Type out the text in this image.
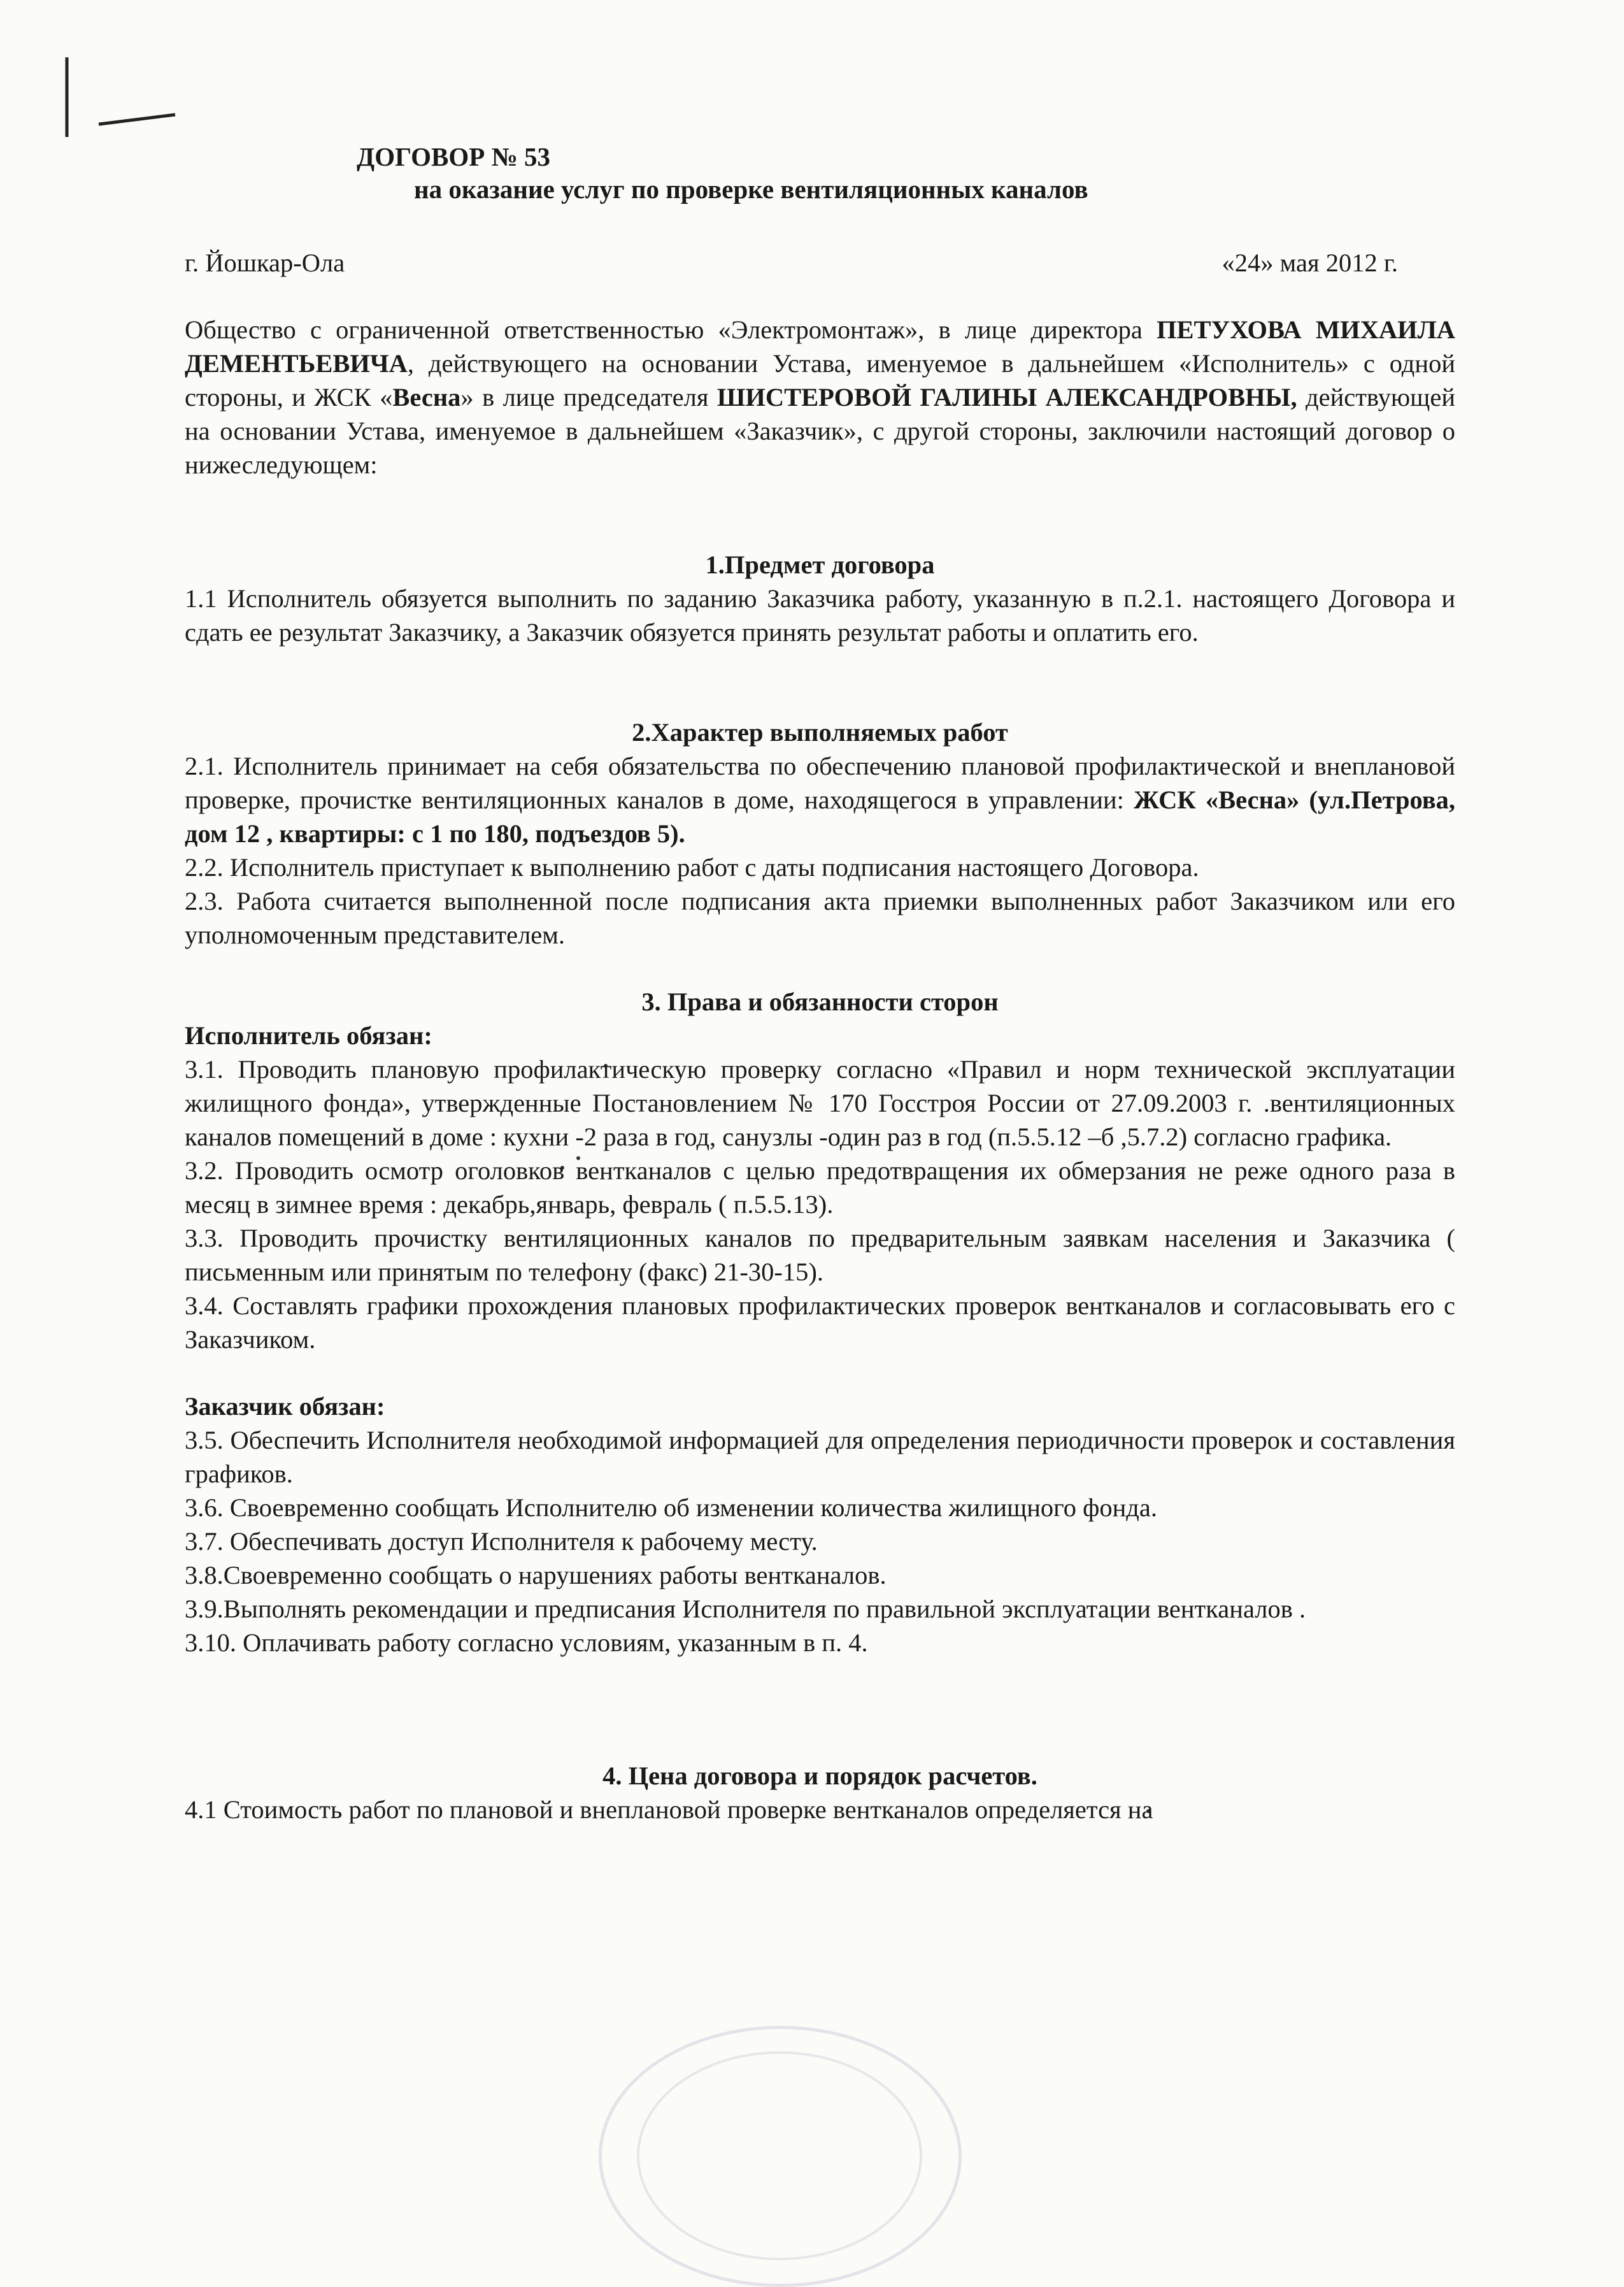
ДОГОВОР № 53

на оказание услуг по проверке вентиляционных каналов

г. Йошкар-Ола	«24» мая 2012 г.

Общество с ограниченной ответственностью «Электромонтаж», в лице директора ПЕТУХОВА МИХАИЛА ДЕМЕНТЬЕВИЧА, действующего на основании Устава, именуемое в дальнейшем «Исполнитель» с одной стороны, и ЖСК «Весна» в лице председателя ШИСТЕРОВОЙ ГАЛИНЫ АЛЕКСАНДРОВНЫ, действующей на основании Устава, именуемое в дальнейшем «Заказчик», с другой стороны, заключили настоящий договор о нижеследующем:

1.Предмет договора

1.1 Исполнитель обязуется выполнить по заданию Заказчика работу, указанную в п.2.1. настоящего Договора и сдать ее результат Заказчику, а Заказчик обязуется принять результат работы и оплатить его.

2.Характер выполняемых работ

2.1. Исполнитель принимает на себя обязательства по обеспечению плановой профилактической и внеплановой проверке, прочистке вентиляционных каналов в доме, находящегося в управлении: ЖСК «Весна» (ул.Петрова, дом 12 , квартиры: с 1 по 180, подъездов 5).

2.2. Исполнитель приступает к выполнению работ с даты подписания настоящего Договора.

2.3. Работа считается выполненной после подписания акта приемки выполненных работ Заказчиком или его уполномоченным представителем.

3. Права и обязанности сторон

Исполнитель обязан:

3.1. Проводить плановую профилактическую проверку согласно «Правил и норм технической эксплуатации жилищного фонда», утвержденные Постановлением № 170 Госстроя России от 27.09.2003 г. .вентиляционных каналов помещений в доме : кухни -2 раза в год, санузлы -один раз в год (п.5.5.12 –б ,5.7.2) согласно графика.

3.2. Проводить осмотр оголовков вентканалов с целью предотвращения их обмерзания не реже одного раза в месяц в зимнее время : декабрь,январь, февраль ( п.5.5.13).

3.3. Проводить прочистку вентиляционных каналов по предварительным заявкам населения и Заказчика ( письменным или принятым по телефону (факс) 21-30-15).

3.4. Составлять графики прохождения плановых профилактических проверок вентканалов и согласовывать его с Заказчиком.

Заказчик обязан:

3.5. Обеспечить Исполнителя необходимой информацией для определения периодичности проверок и составления графиков.

3.6. Своевременно сообщать Исполнителю об изменении количества жилищного фонда.

3.7. Обеспечивать доступ Исполнителя к рабочему месту.

3.8.Своевременно сообщать о нарушениях работы вентканалов.

3.9.Выполнять рекомендации и предписания Исполнителя по правильной эксплуатации вентканалов .

3.10. Оплачивать работу согласно условиям, указанным в п. 4.

4. Цена договора и порядок расчетов.

4.1 Стоимость работ по плановой и внеплановой проверке вентканалов определяется на
